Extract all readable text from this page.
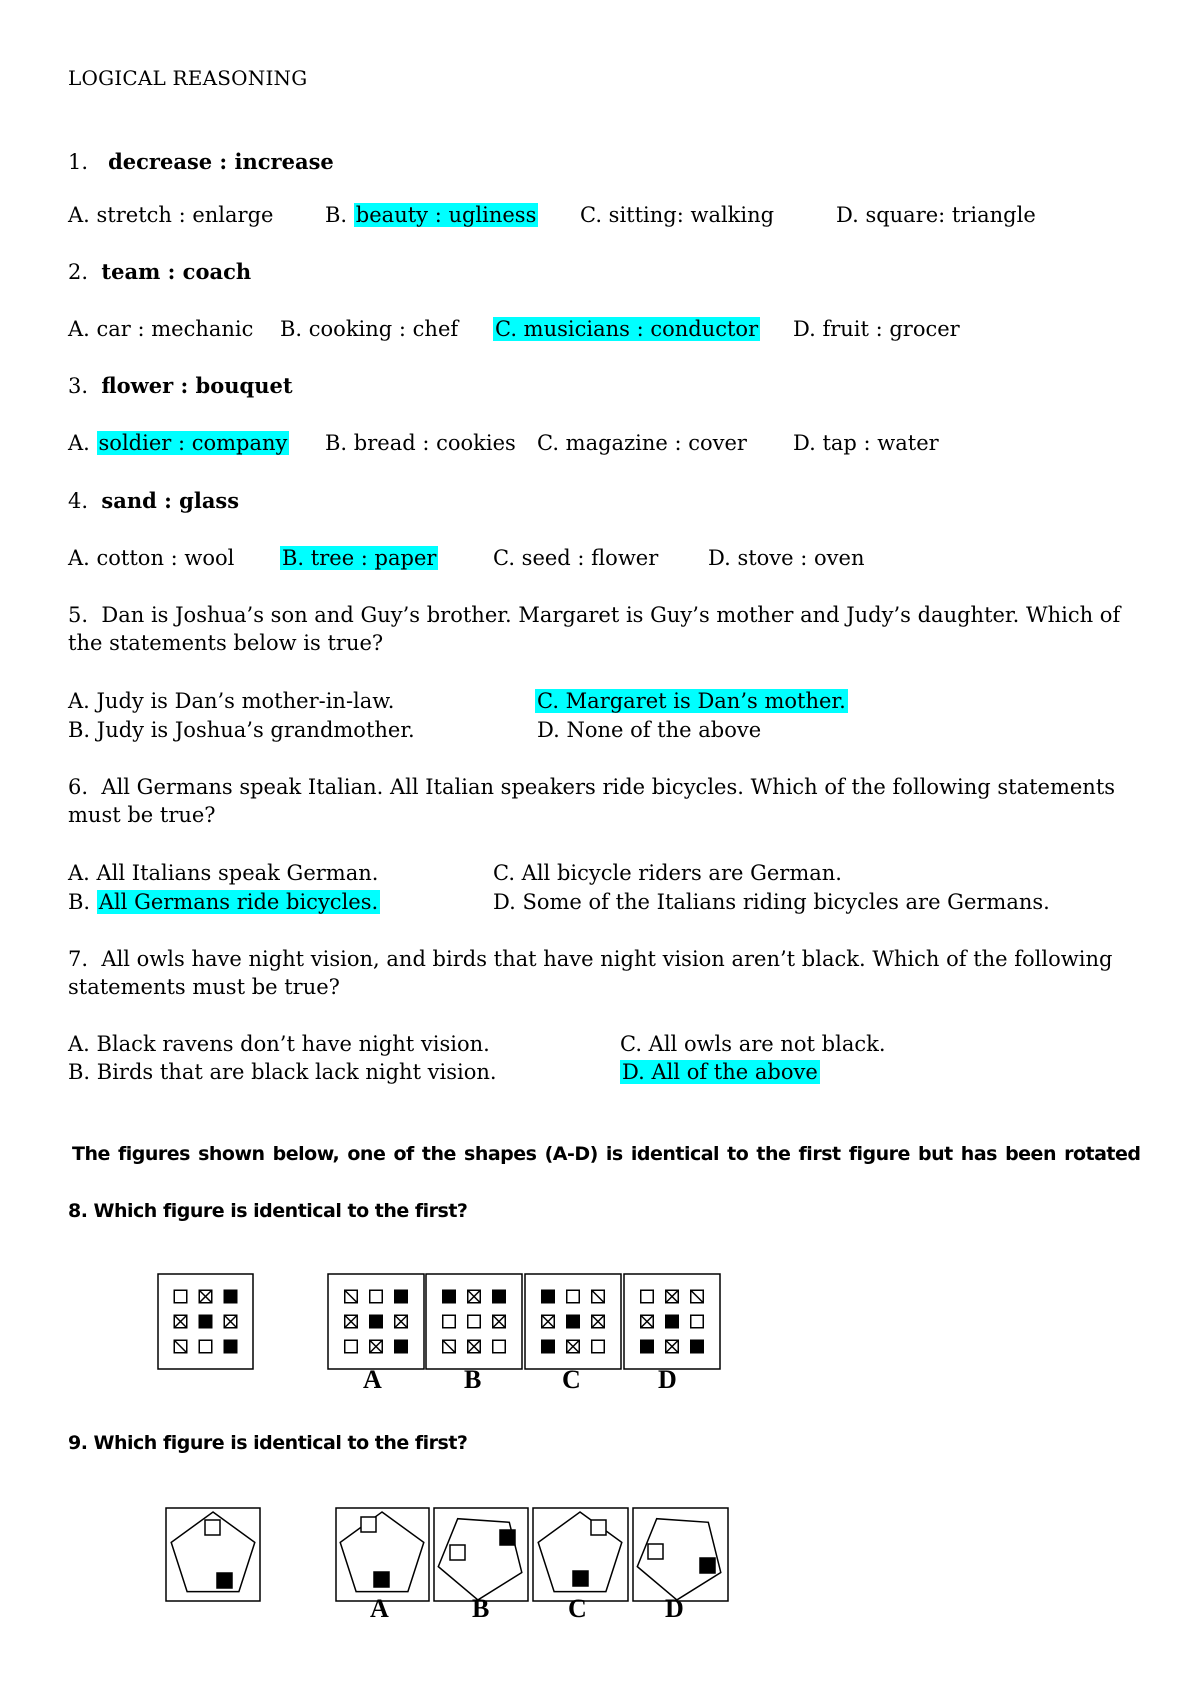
LOGICAL REASONING
1. decrease : increase
A. stretch : enlarge B. beauty : ugliness C. sitting: walking	D. square: triangle
2. team : coach
A. car : mechanic B. cooking : chef C. musicians : conductor D. fruit : grocer
3. flower : bouquet
A. soldier : company B. bread : cookies C. magazine : cover D. tap : water
4. sand : glass
A. cotton : wool B. tree : paper	C. seed : flower D. stove : oven
5. Dan is Joshua’s son and Guy’s brother. Margaret is Guy’s mother and Judy’s daughter. Which of the statements below is true?
A. Judy is Dan’s mother-in-law.	C. Margaret is Dan’s mother.
B. Judy is Joshua’s grandmother.	D. None of the above
6. All Germans speak Italian. All Italian speakers ride bicycles. Which of the following statements must be true?
A. All Italians speak German.	C. All bicycle riders are German.
B. All Germans ride bicycles.	D. Some of the Italians riding bicycles are Germans.
7. All owls have night vision, and birds that have night vision aren’t black. Which of the following statements must be true?
A. Black ravens don’t have night vision.	C. All owls are not black.
B. Birds that are black lack night vision.	D. All of the above
The figures shown below, one of the shapes (A-D) is identical to the first figure but has been rotated
8. Which figure is identical to the first?
9. Which figure is identical to the first?
A	B	C	D
A	B	C	D
